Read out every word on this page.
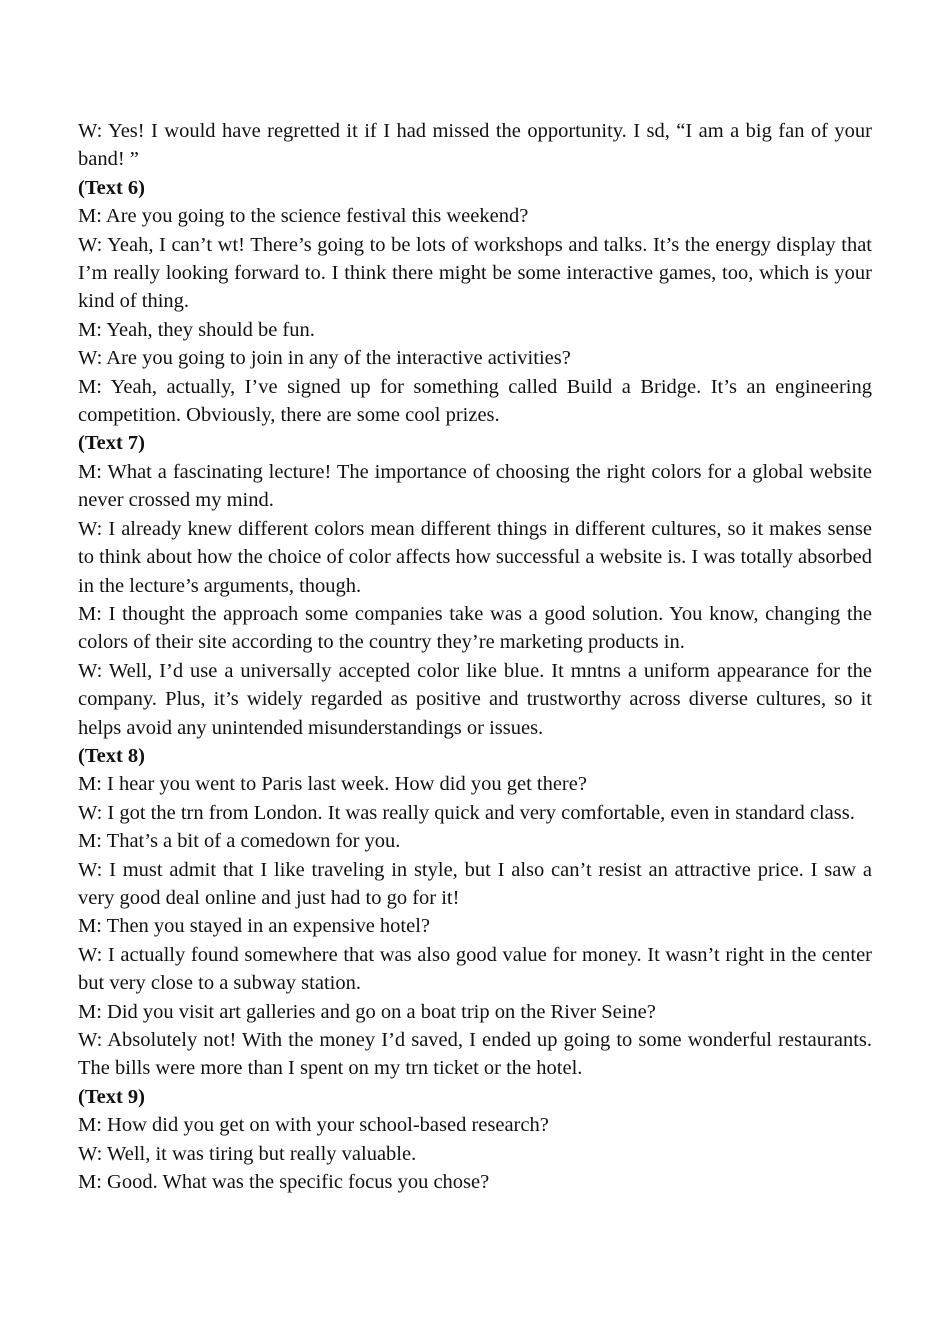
W: Yes! I would have regretted it if I had missed the opportunity. I sd, “I am a big fan of your band! ”

(Text 6)

M: Are you going to the science festival this weekend?

W: Yeah, I can’t wt! There’s going to be lots of workshops and talks. It’s the energy display that I’m really looking forward to. I think there might be some interactive games, too, which is your kind of thing.

M: Yeah, they should be fun.

W: Are you going to join in any of the interactive activities?

M: Yeah, actually, I’ve signed up for something called Build a Bridge. It’s an engineering competition. Obviously, there are some cool prizes.

(Text 7)

M: What a fascinating lecture! The importance of choosing the right colors for a global website never crossed my mind.

W: I already knew different colors mean different things in different cultures, so it makes sense to think about how the choice of color affects how successful a website is. I was totally absorbed in the lecture’s arguments, though.

M: I thought the approach some companies take was a good solution. You know, changing the colors of their site according to the country they’re marketing products in.

W: Well, I’d use a universally accepted color like blue. It mntns a uniform appearance for the company. Plus, it’s widely regarded as positive and trustworthy across diverse cultures, so it helps avoid any unintended misunderstandings or issues.

(Text 8)

M: I hear you went to Paris last week. How did you get there?

W: I got the trn from London. It was really quick and very comfortable, even in standard class.

M: That’s a bit of a comedown for you.

W: I must admit that I like traveling in style, but I also can’t resist an attractive price. I saw a very good deal online and just had to go for it!

M: Then you stayed in an expensive hotel?

W: I actually found somewhere that was also good value for money. It wasn’t right in the center but very close to a subway station.

M: Did you visit art galleries and go on a boat trip on the River Seine?

W: Absolutely not! With the money I’d saved, I ended up going to some wonderful restaurants. The bills were more than I spent on my trn ticket or the hotel.

(Text 9)

M: How did you get on with your school-based research?

W: Well, it was tiring but really valuable.

M: Good. What was the specific focus you chose?
